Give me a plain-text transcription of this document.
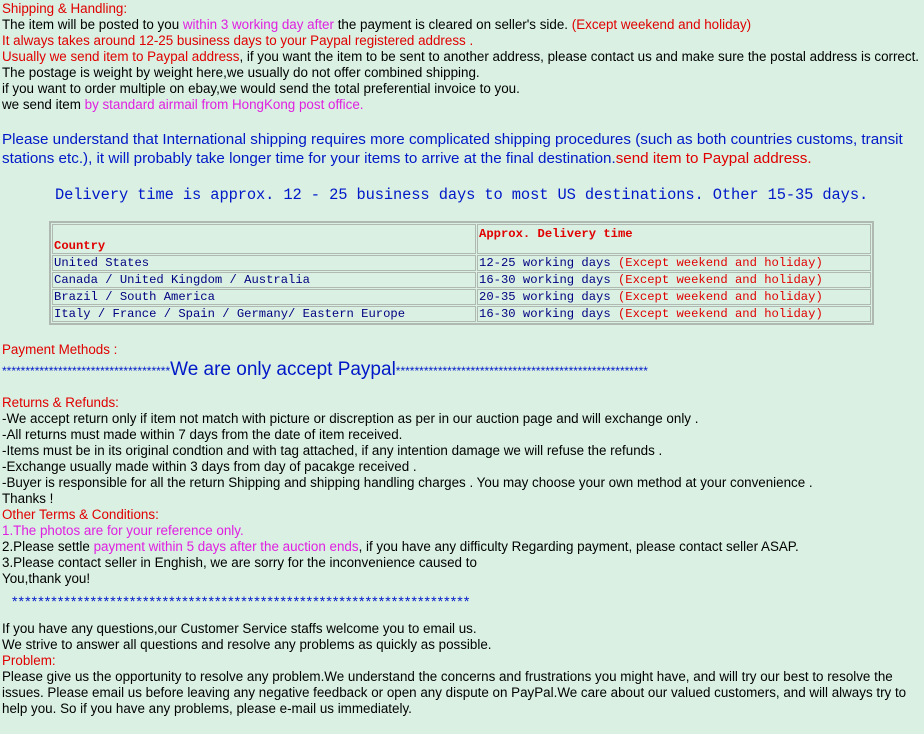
Shipping & Handling:

The item will be posted to you within 3 working day after the payment is cleared on seller's side. (Except weekend and holiday)

It always takes around 12-25 business days to your Paypal registered address .

Usually we send item to Paypal address, if you want the item to be sent to another address, please contact us and make sure the postal address is correct.

The postage is weight by weight here,we usually do not offer combined shipping.

if you want to order multiple on ebay,we would send the total preferential invoice to you.

we send item by standard airmail from HongKong post office.

Please understand that International shipping requires more complicated shipping procedures (such as both countries customs, transit stations etc.), it will probably take longer time for your items to arrive at the final destination.send item to Paypal address.

Delivery time is approx. 12 - 25 business days to most US destinations. Other 15-35 days.

Country	Approx. Delivery time
United States	12-25 working days (Except weekend and holiday)
Canada / United Kingdom / Australia	16-30 working days (Except weekend and holiday)
Brazil / South America	20-35 working days (Except weekend and holiday)
Italy / France / Spain / Germany/ Eastern Europe	16-30 working days (Except weekend and holiday)

Payment Methods :

************************************We are only accept Paypal******************************************************

Returns & Refunds:

-We accept return only if item not match with picture or discreption as per in our auction page and will exchange only .

-All returns must made within 7 days from the date of item received.

-Items must be in its original condtion and with tag attached, if any intention damage we will refuse the refunds .

-Exchange usually made within 3 days from day of pacakge received .

-Buyer is responsible for all the return Shipping and shipping handling charges . You may choose your own method at your convenience .

Thanks !

Other Terms & Conditions:

1.The photos are for your reference only.

2.Please settle payment within 5 days after the auction ends, if you have any difficulty Regarding payment, please contact seller ASAP.

3.Please contact seller in Enghish, we are sorry for the inconvenience caused to

You,thank you!

**********************************************************************

If you have any questions,our Customer Service staffs welcome you to email us.

We strive to answer all questions and resolve any problems as quickly as possible.

Problem:

Please give us the opportunity to resolve any problem.We understand the concerns and frustrations you might have, and will try our best to resolve the issues. Please email us before leaving any negative feedback or open any dispute on PayPal.We care about our valued customers, and will always try to help you. So if you have any problems, please e-mail us immediately.
